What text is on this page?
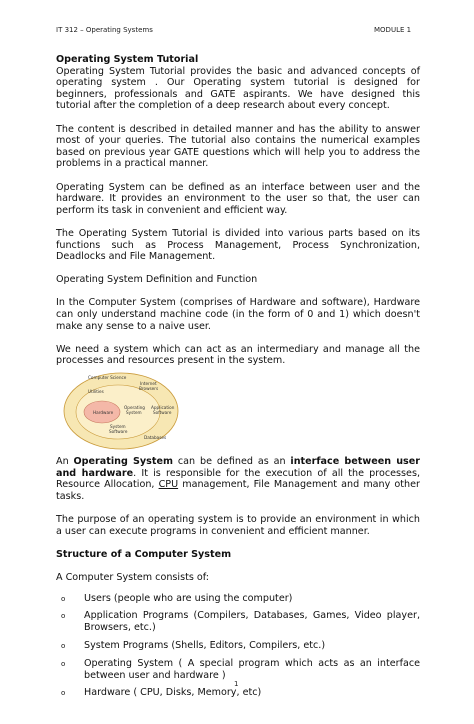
IT 312 – Operating Systems	MODULE 1
Operating System Tutorial

Operating System Tutorial provides the basic and advanced concepts of operating system . Our Operating system tutorial is designed for beginners, professionals and GATE aspirants. We have designed this tutorial after the completion of a deep research about every concept.

The content is described in detailed manner and has the ability to answer most of your queries. The tutorial also contains the numerical examples based on previous year GATE questions which will help you to address the problems in a practical manner.

Operating System can be defined as an interface between user and the hardware. It provides an environment to the user so that, the user can perform its task in convenient and efficient way.

The Operating System Tutorial is divided into various parts based on its functions such as Process Management, Process Synchronization, Deadlocks and File Management.

Operating System Definition and Function

In the Computer System (comprises of Hardware and software), Hardware can only understand machine code (in the form of 0 and 1) which doesn't make any sense to a naive user.

We need a system which can act as an intermediary and manage all the processes and resources present in the system.

Computer Science
Internet
Browsers
Utilities
Operating
System
Hardware
Application
Software
System
Software
Databases

An Operating System can be defined as an interface between user and hardware. It is responsible for the execution of all the processes, Resource Allocation, CPU management, File Management and many other tasks.

The purpose of an operating system is to provide an environment in which a user can execute programs in convenient and efficient manner.

Structure of a Computer System

A Computer System consists of:

o Users (people who are using the computer)
o Application Programs (Compilers, Databases, Games, Video player, Browsers, etc.)
o System Programs (Shells, Editors, Compilers, etc.)
o Operating System ( A special program which acts as an interface between user and hardware )
o Hardware ( CPU, Disks, Memory, etc)
1
